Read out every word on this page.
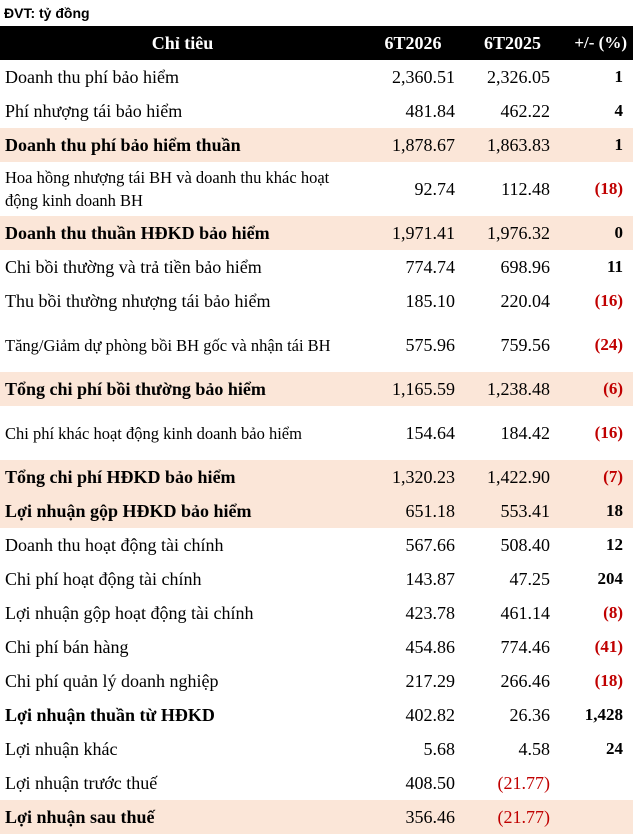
ĐVT: tỷ đồng
Chỉ tiêu	6T2026	6T2025	+/- (%)
Doanh thu phí bảo hiểm	2,360.51	2,326.05	1
Phí nhượng tái bảo hiểm	481.84	462.22	4
Doanh thu phí bảo hiểm thuần	1,878.67	1,863.83	1
Hoa hồng nhượng tái BH và doanh thu khác hoạt động kinh doanh BH	92.74	112.48	(18)
Doanh thu thuần HĐKD bảo hiểm	1,971.41	1,976.32	0
Chi bồi thường và trả tiền bảo hiểm	774.74	698.96	11
Thu bồi thường nhượng tái bảo hiểm	185.10	220.04	(16)
Tăng/Giảm dự phòng bồi BH gốc và nhận tái BH	575.96	759.56	(24)
Tổng chi phí bồi thường bảo hiểm	1,165.59	1,238.48	(6)
Chi phí khác hoạt động kinh doanh bảo hiểm	154.64	184.42	(16)
Tổng chi phí HĐKD bảo hiểm	1,320.23	1,422.90	(7)
Lợi nhuận gộp HĐKD bảo hiểm	651.18	553.41	18
Doanh thu hoạt động tài chính	567.66	508.40	12
Chi phí hoạt động tài chính	143.87	47.25	204
Lợi nhuận gộp hoạt động tài chính	423.78	461.14	(8)
Chi phí bán hàng	454.86	774.46	(41)
Chi phí quản lý doanh nghiệp	217.29	266.46	(18)
Lợi nhuận thuần từ HĐKD	402.82	26.36	1,428
Lợi nhuận khác	5.68	4.58	24
Lợi nhuận trước thuế	408.50	(21.77)	
Lợi nhuận sau thuế	356.46	(21.77)	
